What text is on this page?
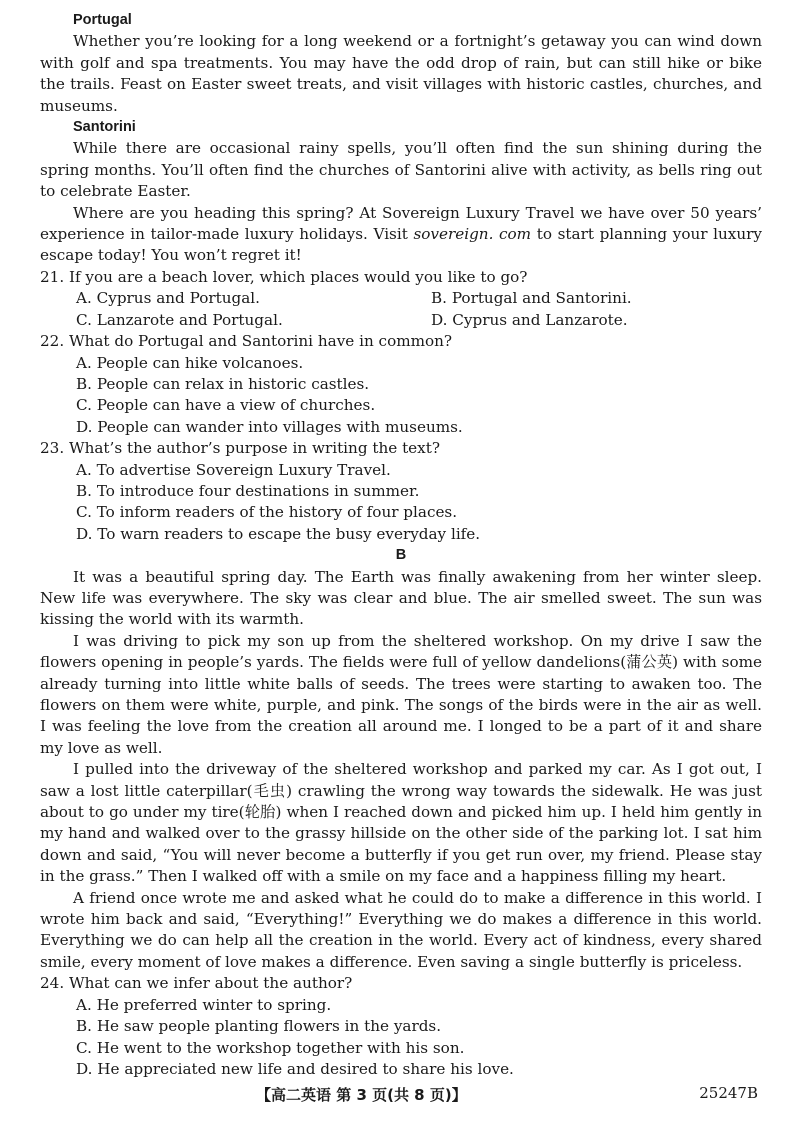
Portugal

Whether you’re looking for a long weekend or a fortnight’s getaway you can wind down with golf and spa treatments. You may have the odd drop of rain, but can still hike or bike the trails. Feast on Easter sweet treats, and visit villages with historic castles, churches, and museums.

Santorini

While there are occasional rainy spells, you’ll often find the sun shining during the spring months. You’ll often find the churches of Santorini alive with activity, as bells ring out to celebrate Easter.

Where are you heading this spring? At Sovereign Luxury Travel we have over 50 years’ experience in tailor-made luxury holidays. Visit sovereign. com to start planning your luxury escape today! You won’t regret it!

21. If you are a beach lover, which places would you like to go?

A. Cyprus and Portugal.	B. Portugal and Santorini.
C. Lanzarote and Portugal.	D. Cyprus and Lanzarote.

22. What do Portugal and Santorini have in common?

A. People can hike volcanoes.
B. People can relax in historic castles.
C. People can have a view of churches.
D. People can wander into villages with museums.

23. What’s the author’s purpose in writing the text?

A. To advertise Sovereign Luxury Travel.
B. To introduce four destinations in summer.
C. To inform readers of the history of four places.
D. To warn readers to escape the busy everyday life.
B

It was a beautiful spring day. The Earth was finally awakening from her winter sleep. New life was everywhere. The sky was clear and blue. The air smelled sweet. The sun was kissing the world with its warmth.

I was driving to pick my son up from the sheltered workshop. On my drive I saw the flowers opening in people’s yards. The fields were full of yellow dandelions(蒲公英) with some already turning into little white balls of seeds. The trees were starting to awaken too. The flowers on them were white, purple, and pink. The songs of the birds were in the air as well. I was feeling the love from the creation all around me. I longed to be a part of it and share my love as well.

I pulled into the driveway of the sheltered workshop and parked my car. As I got out, I saw a lost little caterpillar(毛虫) crawling the wrong way towards the sidewalk. He was just about to go under my tire(轮胎) when I reached down and picked him up. I held him gently in my hand and walked over to the grassy hillside on the other side of the parking lot. I sat him down and said, “You will never become a butterfly if you get run over, my friend. Please stay in the grass.” Then I walked off with a smile on my face and a happiness filling my heart.

A friend once wrote me and asked what he could do to make a difference in this world. I wrote him back and said, “Everything!” Everything we do makes a difference in this world. Everything we do can help all the creation in the world. Every act of kindness, every shared smile, every moment of love makes a difference. Even saving a single butterfly is priceless.

24. What can we infer about the author?

A. He preferred winter to spring.
B. He saw people planting flowers in the yards.
C. He went to the workshop together with his son.
D. He appreciated new life and desired to share his love.
【高二英语 第 3 页(共 8 页)】	25247B
